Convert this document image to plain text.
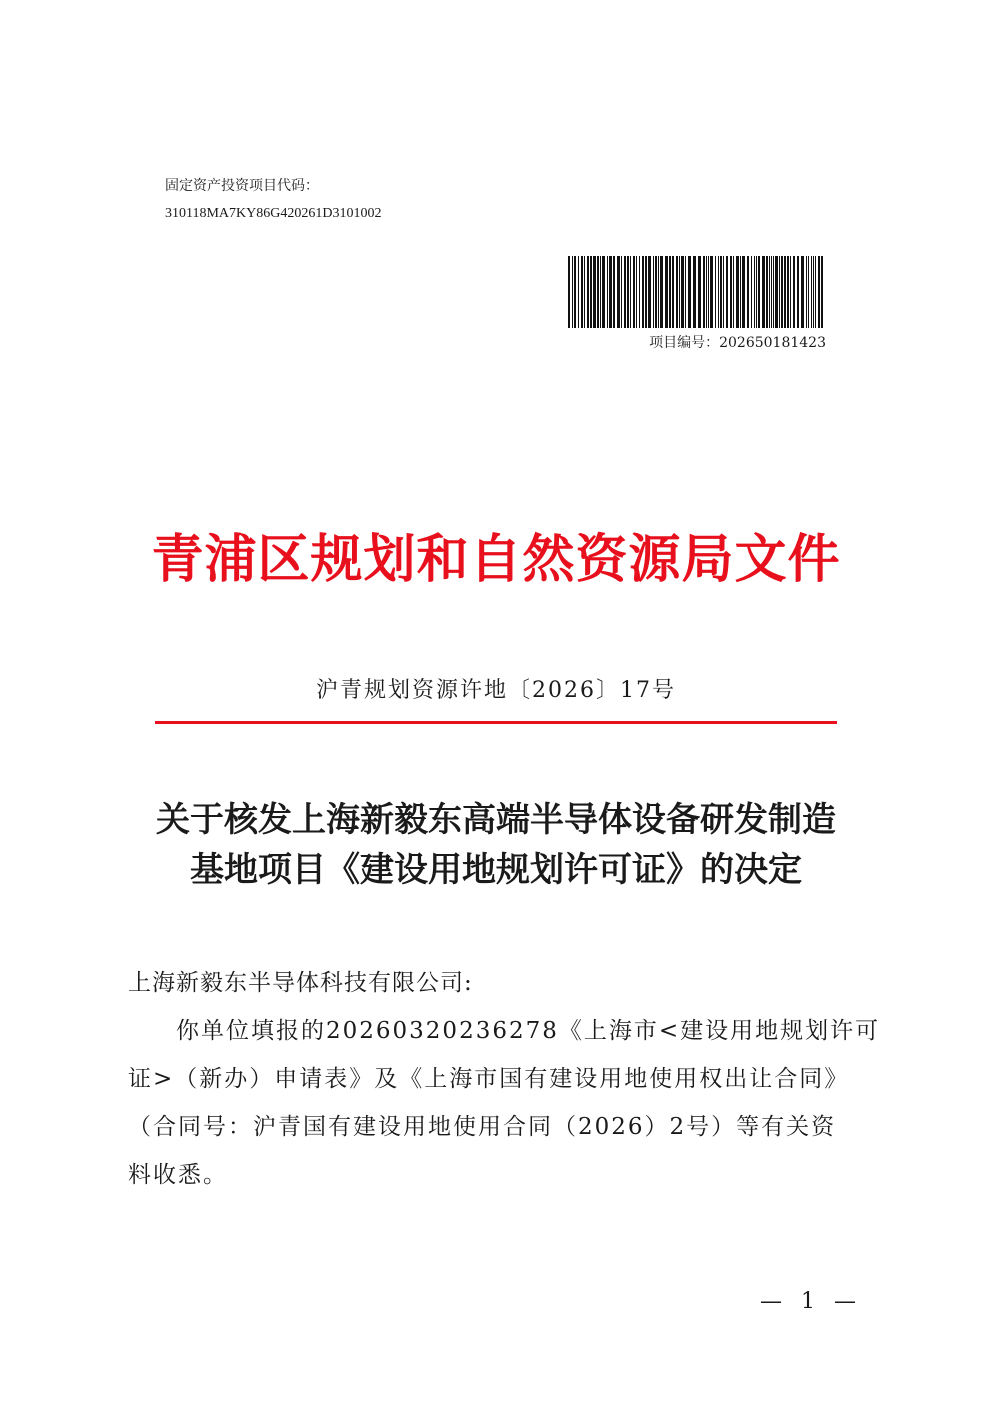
固定资产投资项目代码：
310118MA7KY86G420261D3101002
项目编号：202650181423
青浦区规划和自然资源局文件
沪青规划资源许地〔2026〕17号
关于核发上海新毅东高端半导体设备研发制造
基地项目《建设用地规划许可证》的决定
上海新毅东半导体科技有限公司:
你单位填报的20260320236278《上海市<建设用地规划许可
证>（新办）申请表》及《上海市国有建设用地使用权出让合同》
（合同号：沪青国有建设用地使用合同（2026）2号）等有关资
料收悉。
— 1 —
